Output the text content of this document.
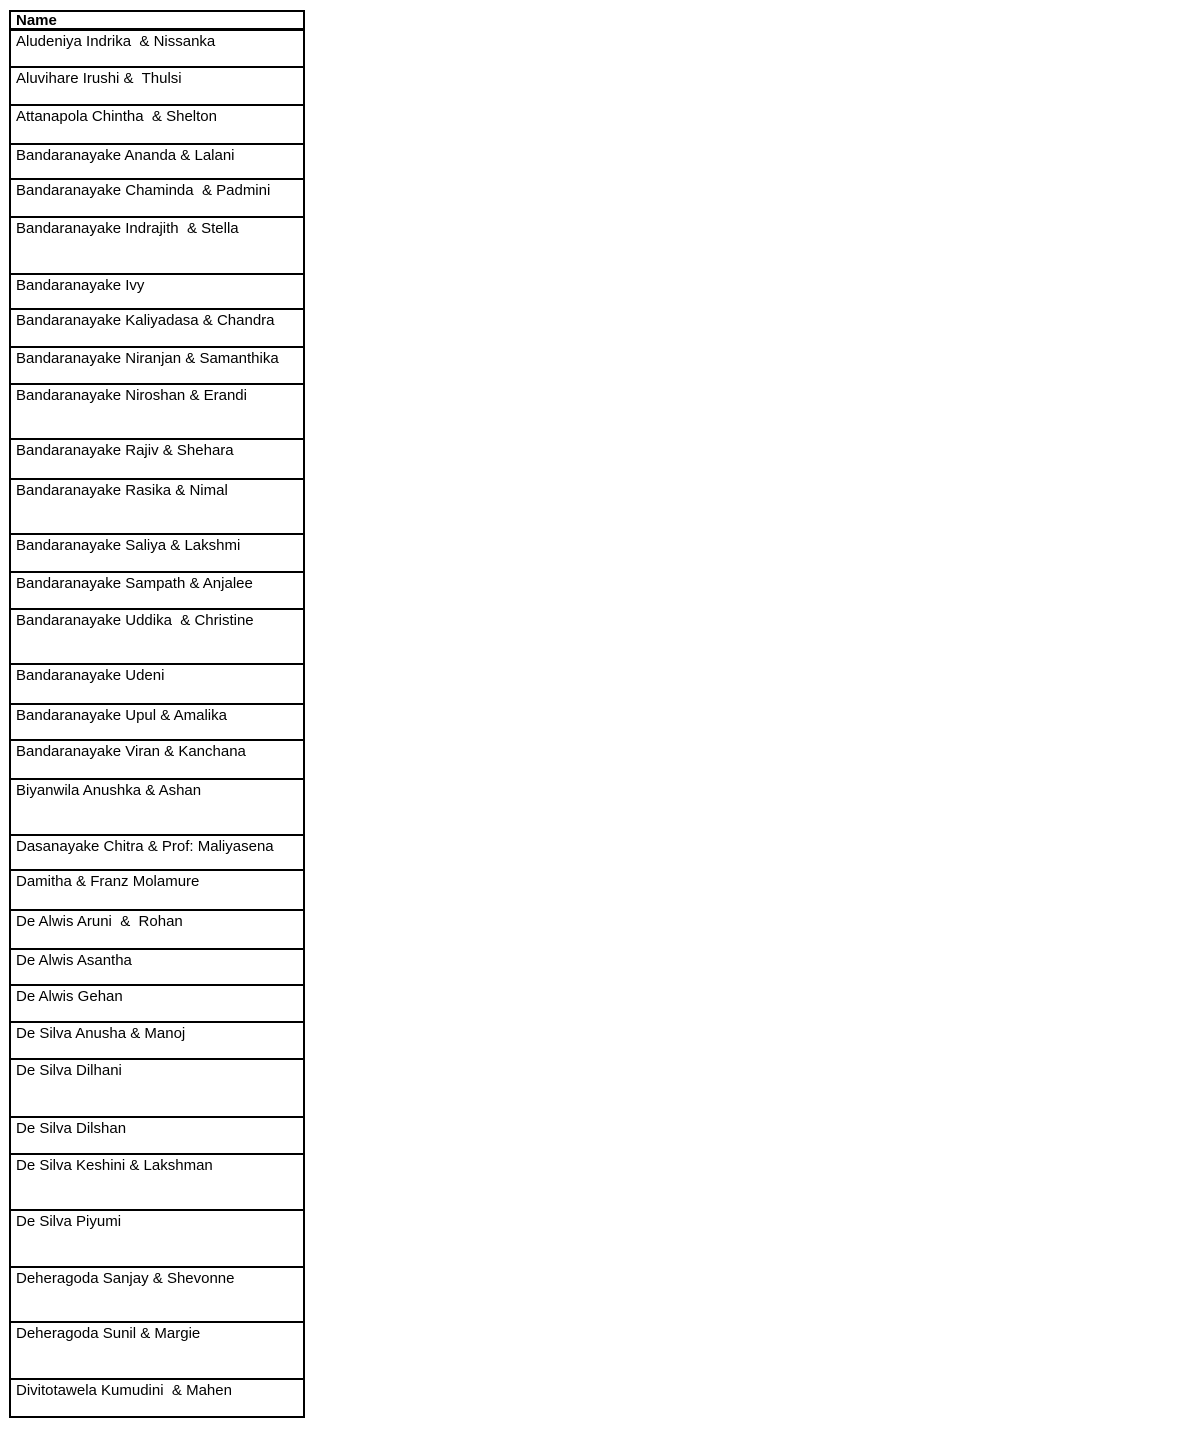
Name
Aludeniya Indrika  & Nissanka
Aluvihare Irushi &  Thulsi
Attanapola Chintha  & Shelton
Bandaranayake Ananda & Lalani
Bandaranayake Chaminda  & Padmini
Bandaranayake Indrajith  & Stella
Bandaranayake Ivy
Bandaranayake Kaliyadasa & Chandra
Bandaranayake Niranjan & Samanthika
Bandaranayake Niroshan & Erandi
Bandaranayake Rajiv & Shehara
Bandaranayake Rasika & Nimal
Bandaranayake Saliya & Lakshmi
Bandaranayake Sampath & Anjalee
Bandaranayake Uddika  & Christine
Bandaranayake Udeni
Bandaranayake Upul & Amalika
Bandaranayake Viran & Kanchana
Biyanwila Anushka & Ashan
Dasanayake Chitra & Prof: Maliyasena
Damitha & Franz Molamure
De Alwis Aruni  &  Rohan
De Alwis Asantha
De Alwis Gehan
De Silva Anusha & Manoj
De Silva Dilhani
De Silva Dilshan
De Silva Keshini & Lakshman
De Silva Piyumi
Deheragoda Sanjay & Shevonne
Deheragoda Sunil & Margie
Divitotawela Kumudini  & Mahen
